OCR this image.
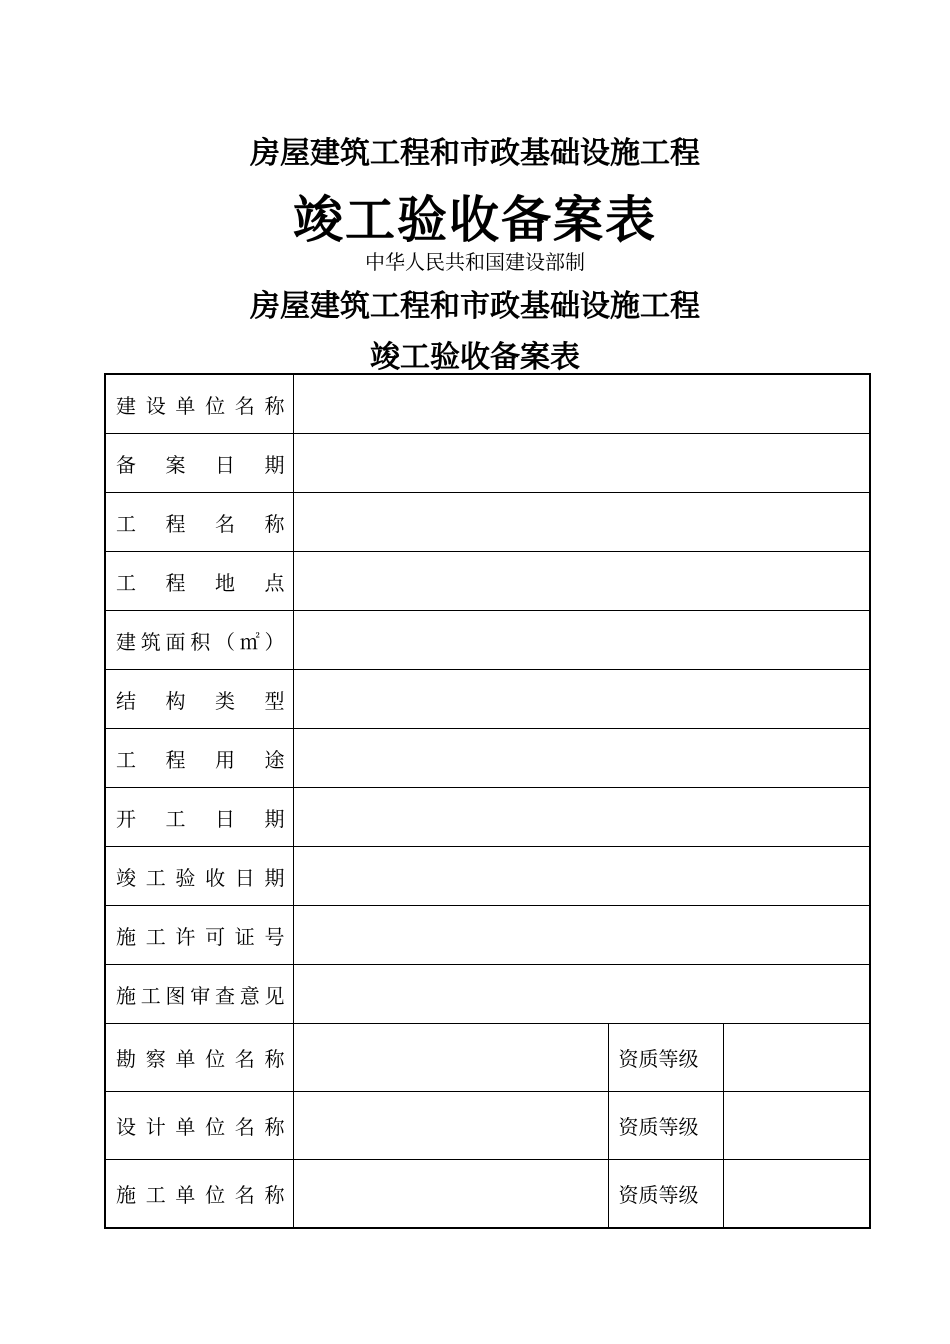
房屋建筑工程和市政基础设施工程
竣工验收备案表
中华人民共和国建设部制
房屋建筑工程和市政基础设施工程
竣工验收备案表
建设单位名称			
备案日期			
工程名称			
工程地点			
建筑面积（㎡）			
结构类型			
工程用途			
开工日期			
竣工验收日期			
施工许可证号			
施工图审查意见			
勘察单位名称		资质等级	
设计单位名称		资质等级	
施工单位名称		资质等级	
